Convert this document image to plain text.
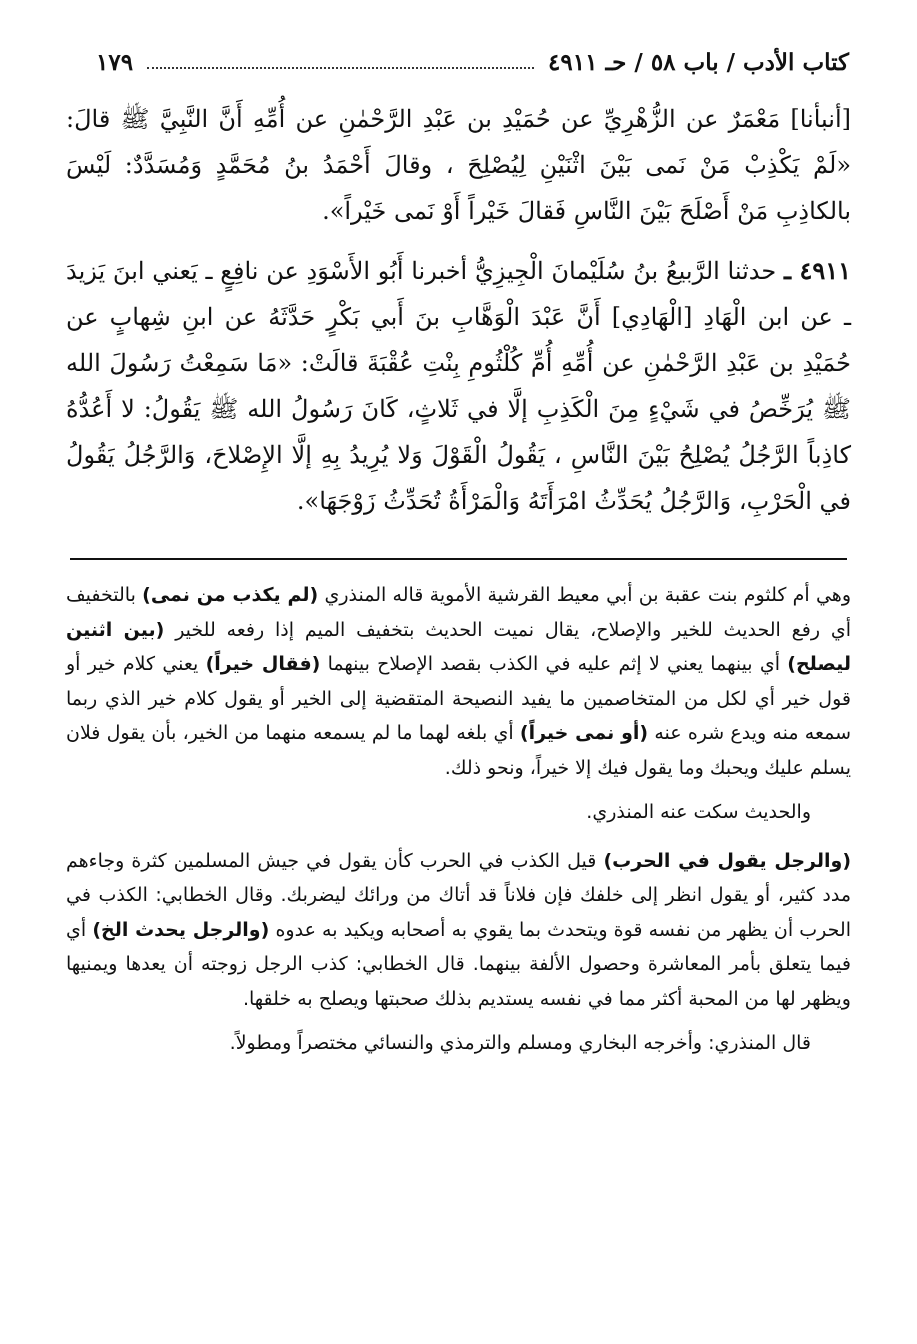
كتاب الأدب / باب ٥٨ / حـ ٤٩١١
١٧٩

[أنبأنا] مَعْمَرٌ عن الزُّهْرِيِّ عن حُمَيْدِ بن عَبْدِ الرَّحْمٰنِ عن أُمِّهِ أَنَّ النَّبِيَّ ﷺ قالَ: «لَمْ يَكْذِبْ مَنْ نَمى بَيْنَ اثْنَيْنِ لِيُصْلِحَ ، وقالَ أَحْمَدُ بنُ مُحَمَّدٍ وَمُسَدَّدٌ: لَيْسَ بالكاذِبِ مَنْ أَصْلَحَ بَيْنَ النَّاسِ فَقالَ خَيْراً أَوْ نَمى خَيْراً».

٤٩١١ ـ حدثنا الرَّبيعُ بنُ سُلَيْمانَ الْجِيزِيُّ أخبرنا أَبُو الأَسْوَدِ عن نافِعٍ ـ يَعني ابنَ يَزيدَ ـ عن ابن الْهَادِ [الْهَادِي] أَنَّ عَبْدَ الْوَهَّابِ بنَ أَبي بَكْرٍ حَدَّثَهُ عن ابنِ شِهابٍ عن حُمَيْدِ بن عَبْدِ الرَّحْمٰنِ عن أُمِّهِ أُمِّ كُلْثُومِ بِنْتِ عُقْبَةَ قالَتْ: «مَا سَمِعْتُ رَسُولَ الله ﷺ يُرَخِّصُ في شَيْءٍ مِنَ الْكَذِبِ إلَّا في ثَلاثٍ، كَانَ رَسُولُ الله ﷺ يَقُولُ: لا أَعُدُّهُ كاذِباً الرَّجُلُ يُصْلِحُ بَيْنَ النَّاسِ ، يَقُولُ الْقَوْلَ وَلا يُرِيدُ بِهِ إلَّا الإِصْلاحَ، وَالرَّجُلُ يَقُولُ في الْحَرْبِ، وَالرَّجُلُ يُحَدِّثُ امْرَأَتَهُ وَالْمَرْأَةُ تُحَدِّثُ زَوْجَهَا».

وهي أم كلثوم بنت عقبة بن أبي معيط القرشية الأموية قاله المنذري (لم يكذب من نمى) بالتخفيف أي رفع الحديث للخير والإصلاح، يقال نميت الحديث بتخفيف الميم إذا رفعه للخير (بين اثنين ليصلح) أي بينهما يعني لا إثم عليه في الكذب بقصد الإصلاح بينهما (فقال خيراً) يعني كلام خير أو قول خير أي لكل من المتخاصمين ما يفيد النصيحة المتقضية إلى الخير أو يقول كلام خير الذي ربما سمعه منه ويدع شره عنه (أو نمى خيراً) أي بلغه لهما ما لم يسمعه منهما من الخير، بأن يقول فلان يسلم عليك ويحبك وما يقول فيك إلا خيراً، ونحو ذلك.

والحديث سكت عنه المنذري.

(والرجل يقول في الحرب) قيل الكذب في الحرب كأن يقول في جيش المسلمين كثرة وجاءهم مدد كثير، أو يقول انظر إلى خلفك فإن فلاناً قد أتاك من ورائك ليضربك. وقال الخطابي: الكذب في الحرب أن يظهر من نفسه قوة ويتحدث بما يقوي به أصحابه ويكيد به عدوه (والرجل يحدث الخ) أي فيما يتعلق بأمر المعاشرة وحصول الألفة بينهما. قال الخطابي: كذب الرجل زوجته أن يعدها ويمنيها ويظهر لها من المحبة أكثر مما في نفسه يستديم بذلك صحبتها ويصلح به خلقها.

قال المنذري: وأخرجه البخاري ومسلم والترمذي والنسائي مختصراً ومطولاً.
